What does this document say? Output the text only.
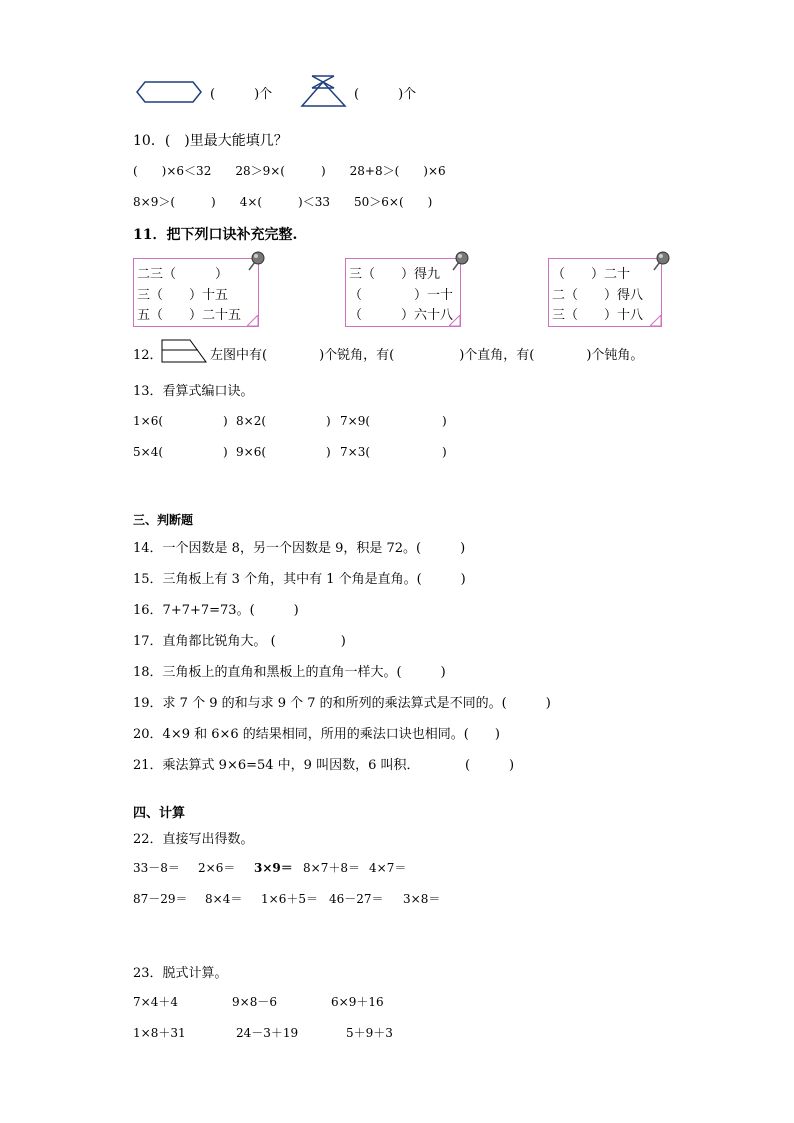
(　　　)个	(　　　)个
10．(　)里最大能填几？
(　　)×6＜32　　28＞9×(　　　)　　28+8＞(　　)×6
8×9＞(　　　)　　4×(　　　)＜33　　50＞6×(　　)
11．把下列口诀补充完整.
二三（　　　）
三（　　）十五
五（　　）二十五
三（　　）得九
（　　　　）一十
（　　　）六十八
（　　）二十
二（　　）得八
三（　　）十八
12．	左图中有(　　　　)个锐角，有(　　　　　)个直角，有(　　　　)个钝角。
13．看算式编口诀。
1×6(　　　　　) 8×2(　　　　　) 7×9(　　　　　　)
5×4(　　　　　) 9×6(　　　　　) 7×3(　　　　　　)
三、判断题
14．一个因数是 8，另一个因数是 9，积是 72。(　　　)
15．三角板上有 3 个角，其中有 1 个角是直角。(　　　)
16．7+7+7=73。(　　　)
17．直角都比锐角大。 (　　　　　)
18．三角板上的直角和黑板上的直角一样大。(　　　)
19．求 7 个 9 的和与求 9 个 7 的和所列的乘法算式是不同的。(　　　)
20．4×9 和 6×6 的结果相同，所用的乘法口诀也相同。(　　)
21．乘法算式 9×6=54 中，9 叫因数，6 叫积．　　　　(　　　)
四、计算
22．直接写出得数。
33－8＝ 2×6＝ 3×9＝ 8×7＋8＝ 4×7＝
87－29＝ 8×4＝ 1×6＋5＝ 46－27＝ 3×8＝
23．脱式计算。
7×4＋4	9×8－6	6×9＋16
1×8＋31	24－3＋19	5＋9＋3
